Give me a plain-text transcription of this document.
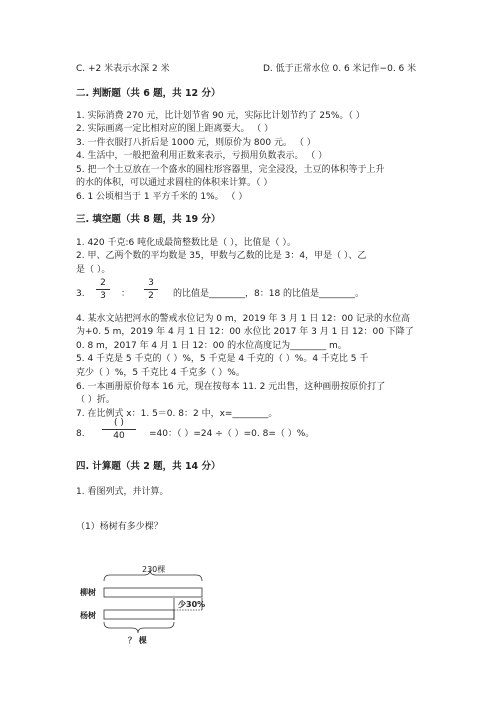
C. +2 米表示水深 2 米	D. 低于正常水位 0. 6 米记作−0. 6 米
二. 判断题（共 6 题，共 12 分）
1. 实际消费 270 元，比计划节省 90 元，实际比计划节约了 25%。（ ）
2. 实际画离一定比相对应的图上距离要大。 （ ）
3. 一件衣服打八折后是 1000 元，则原价为 800 元。 （ ）
4. 生活中，一般把盈利用正数来表示，亏损用负数表示。 （ ）
5. 把一个土豆放在一个盛水的圆柱形容器里，完全浸没，土豆的体积等于上升
的水的体积，可以通过求圆柱的体积来计算。（ ）
6. 1 公顷相当于 1 平方千米的 1%。 （ ）
三. 填空题（共 8 题，共 19 分）
1. 420 千克:6 吨化成最简整数比是（ ），比值是（ ）。
2. 甲、乙两个数的平均数是 35，甲数与乙数的比是 3：4，甲是（ ）、乙
是（ ）。
3.
2
3	：
3
2	的比值是________，8：18 的比值是________。
4. 某水文站把河水的警戒水位记为 0 m，2019 年 3 月 1 日 12：00 记录的水位高
为+0. 5 m，2019 年 4 月 1 日 12：00 水位比 2017 年 3 月 1 日 12：00 下降了
0. 8 m，2017 年 4 月 1 日 12：00 的水位高度记为________ m。
5. 4 千克是 5 千克的（ ）%，5 千克是 4 千克的（ ）%。4 千克比 5 千
克少（ ）%，5 千克比 4 千克多（ ）%。
6. 一本画册原价每本 16 元，现在按每本 11. 2 元出售，这种画册按原价打了
（ ）折。
7. 在比例式 x：1. 5＝0. 8：2 中，x=________。
8.
( )
40	=40：（ ）=24 ÷（ ）=0. 8=（ ）%。
四. 计算题（共 2 题，共 14 分）
1. 看图列式，并计算。
（1）杨树有多少棵？
230棵
柳树
杨树
少30%
？ 棵
